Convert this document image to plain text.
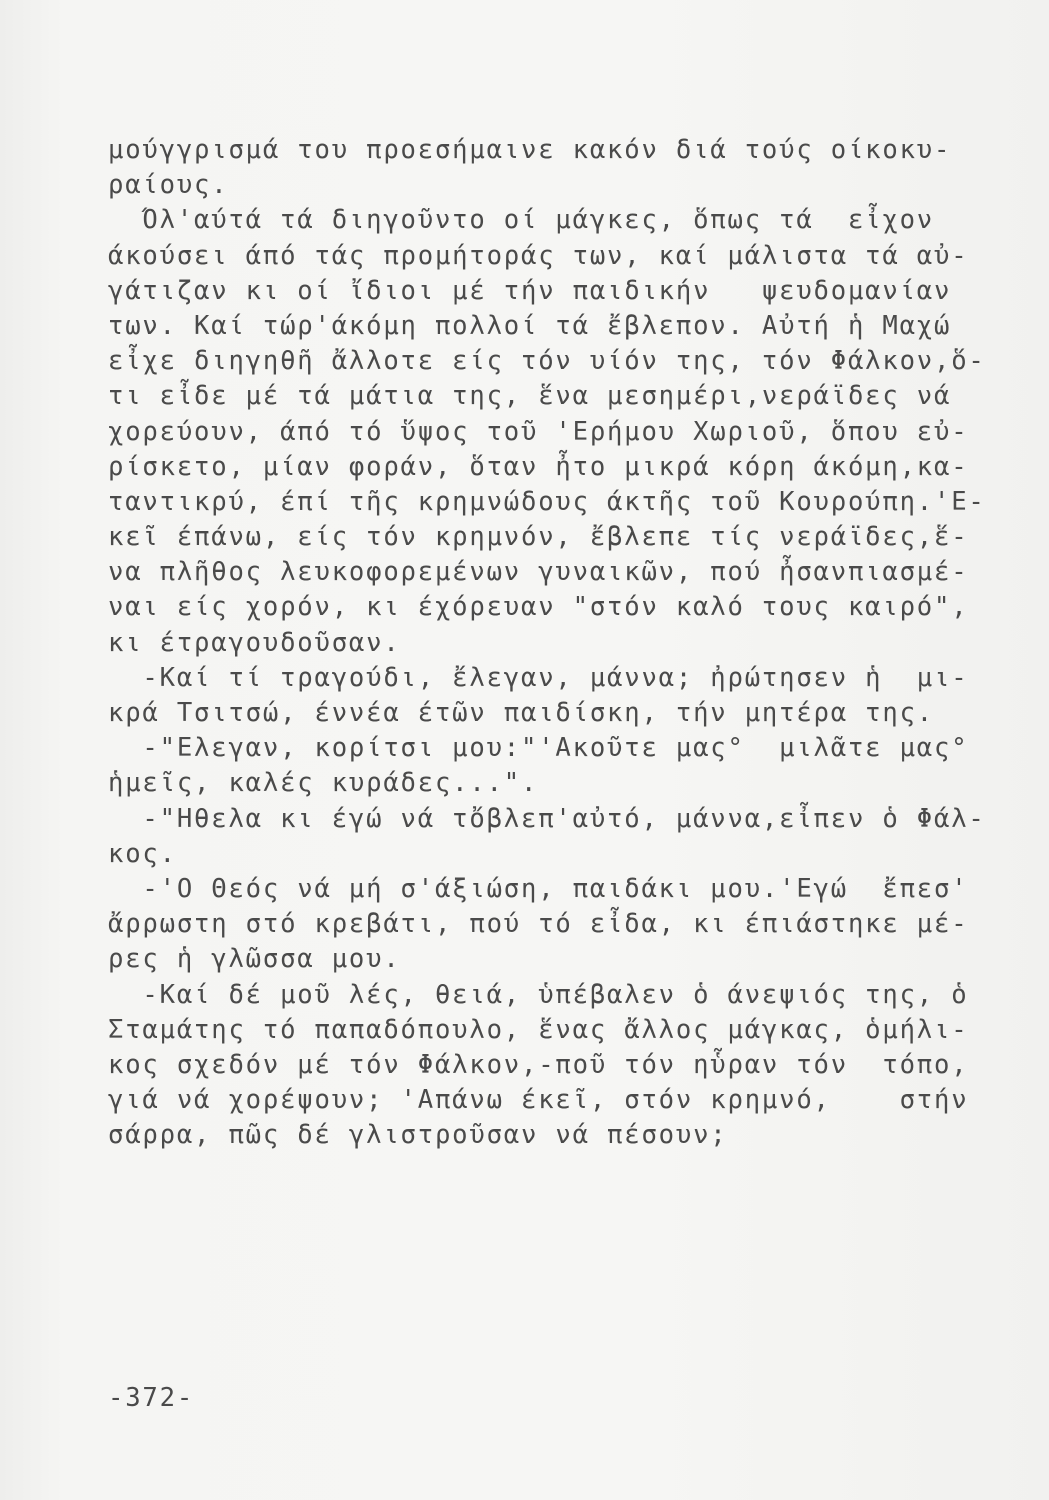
μούγγρισμά του προεσήμαινε κακόν διά τούς οίκοκυ-
ραίους.
Όλ'αύτά τά διηγοῦντο οί μάγκες, ὅπως τά  εἶχον
άκούσει άπό τάς προμήτοράς των, καί μάλιστα τά αὐ-
γάτιζαν κι οί ἴδιοι μέ τήν παιδικήν   ψευδομανίαν
των. Καί τώρ'άκόμη πολλοί τά ἔβλεπον. Αὐτή ἡ Μαχώ
εἶχε διηγηθῆ ἄλλοτε είς τόν υίόν της, τόν Φάλκον,ὅ-
τι εἶδε μέ τά μάτια της, ἕνα μεσημέρι,νεράϊδες νά
χορεύουν, άπό τό ὕψος τοῦ 'Ερήμου Χωριοῦ, ὅπου εὐ-
ρίσκετο, μίαν φοράν, ὅταν ἦτο μικρά κόρη άκόμη,κα-
ταντικρύ, έπί τῆς κρημνώδους άκτῆς τοῦ Κουρούπη.'Ε-
κεῖ έπάνω, είς τόν κρημνόν, ἔβλεπε τίς νεράϊδες,ἕ-
να πλῆθος λευκοφορεμένων γυναικῶν, πού ἦσανπιασμέ-
ναι είς χορόν, κι έχόρευαν "στόν καλό τους καιρό",
κι έτραγουδοῦσαν.
-Καί τί τραγούδι, ἔλεγαν, μάννα; ἠρώτησεν ἡ  μι-
κρά Τσιτσώ, έννέα έτῶν παιδίσκη, τήν μητέρα της.
-"Ελεγαν, κορίτσι μου:"'Ακοῦτε μας°  μιλᾶτε μας°
ἡμεῖς, καλές κυράδες...".
-"Ηθελα κι έγώ νά τὄβλεπ'αὐτό, μάννα,εἶπεν ὁ Φάλ-
κος.
-'Ο Θεός νά μή σ'άξιώση, παιδάκι μου.'Εγώ  ἔπεσ'
ἄρρωστη στό κρεβάτι, πού τό εἶδα, κι έπιάστηκε μέ-
ρες ἡ γλῶσσα μου.
-Καί δέ μοῦ λές, θειά, ὑπέβαλεν ὁ άνεψιός της, ὁ
Σταμάτης τό παπαδόπουλο, ἕνας ἄλλος μάγκας, ὁμήλι-
κος σχεδόν μέ τόν Φάλκον,-ποῦ τόν ηὗραν τόν  τόπο,
γιά νά χορέψουν; 'Απάνω έκεῖ, στόν κρημνό,    στήν
σάρρα, πῶς δέ γλιστροῦσαν νά πέσουν;
-372-
